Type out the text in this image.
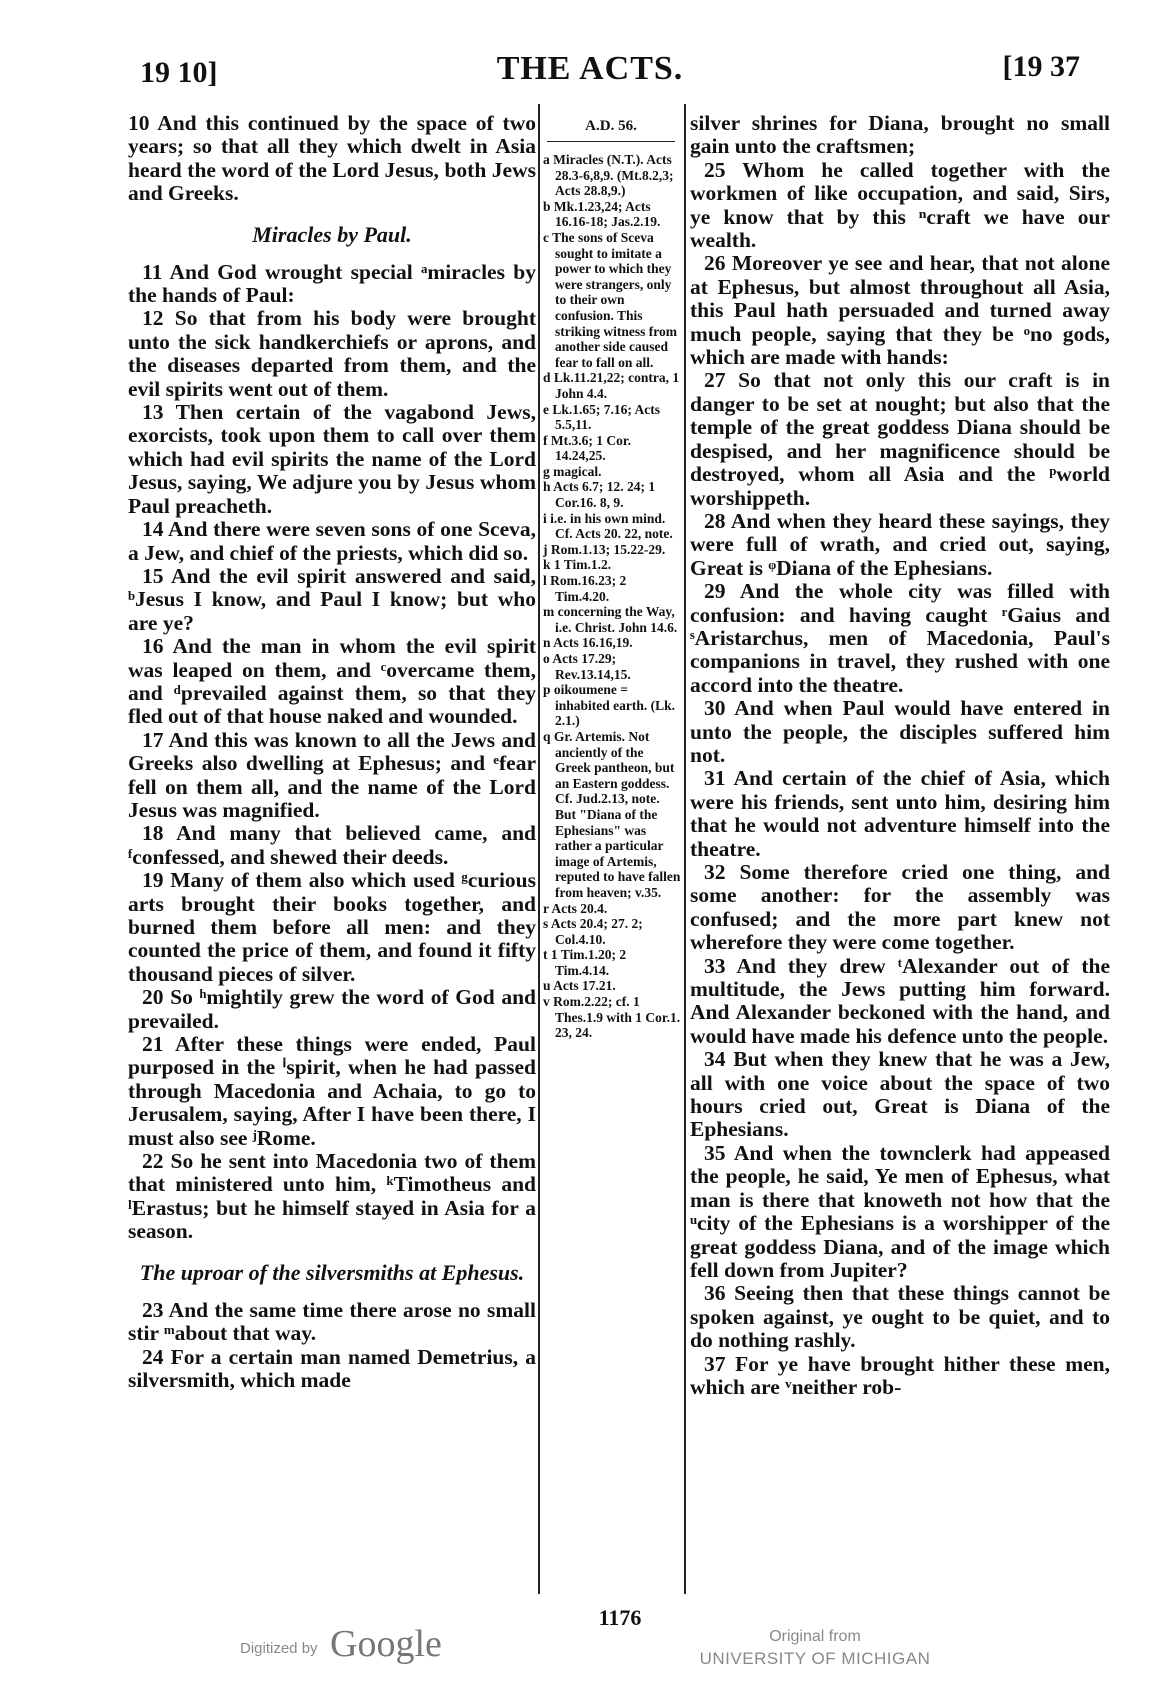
19 10]	THE ACTS.	[19 37

10 And this continued by the space of two years; so that all they which dwelt in Asia heard the word of the Lord Jesus, both Jews and Greeks.

Miracles by Paul.

11 And God wrought special ᵃmiracles by the hands of Paul:

12 So that from his body were brought unto the sick handkerchiefs or aprons, and the diseases departed from them, and the evil spirits went out of them.

13 Then certain of the vagabond Jews, exorcists, took upon them to call over them which had evil spirits the name of the Lord Jesus, saying, We adjure you by Jesus whom Paul preacheth.

14 And there were seven sons of one Sceva, a Jew, and chief of the priests, which did so.

15 And the evil spirit answered and said, ᵇJesus I know, and Paul I know; but who are ye?

16 And the man in whom the evil spirit was leaped on them, and ᶜovercame them, and ᵈprevailed against them, so that they fled out of that house naked and wounded.

17 And this was known to all the Jews and Greeks also dwelling at Ephesus; and ᵉfear fell on them all, and the name of the Lord Jesus was magnified.

18 And many that believed came, and ᶠconfessed, and shewed their deeds.

19 Many of them also which used ᵍcurious arts brought their books together, and burned them before all men: and they counted the price of them, and found it fifty thousand pieces of silver.

20 So ʰmightily grew the word of God and prevailed.

21 After these things were ended, Paul purposed in the ⁱspirit, when he had passed through Macedonia and Achaia, to go to Jerusalem, saying, After I have been there, I must also see ʲRome.

22 So he sent into Macedonia two of them that ministered unto him, ᵏTimotheus and ˡErastus; but he himself stayed in Asia for a season.

The uproar of the silversmiths at Ephesus.

23 And the same time there arose no small stir ᵐabout that way.

24 For a certain man named Demetrius, a silversmith, which made

A.D. 56.

a Miracles (N.T.). Acts 28.3-6,8,9. (Mt.8.2,3; Acts 28.8,9.)

b Mk.1.23,24; Acts 16.16-18; Jas.2.19.

c The sons of Sceva sought to imitate a power to which they were strangers, only to their own confusion. This striking witness from another side caused fear to fall on all.

d Lk.11.21,22; contra, 1 John 4.4.

e Lk.1.65; 7.16; Acts 5.5,11.

f Mt.3.6; 1 Cor. 14.24,25.

g magical.

h Acts 6.7; 12. 24; 1 Cor.16. 8, 9.

i i.e. in his own mind. Cf. Acts 20. 22, note.

j Rom.1.13; 15.22-29.

k 1 Tim.1.2.

l Rom.16.23; 2 Tim.4.20.

m concerning the Way, i.e. Christ. John 14.6.

n Acts 16.16,19.

o Acts 17.29; Rev.13.14,15.

p oikoumene = inhabited earth. (Lk. 2.1.)

q Gr. Artemis. Not anciently of the Greek pantheon, but an Eastern goddess. Cf. Jud.2.13, note. But "Diana of the Ephesians" was rather a particular image of Artemis, reputed to have fallen from heaven; v.35.

r Acts 20.4.

s Acts 20.4; 27. 2; Col.4.10.

t 1 Tim.1.20; 2 Tim.4.14.

u Acts 17.21.

v Rom.2.22; cf. 1 Thes.1.9 with 1 Cor.1. 23, 24.

silver shrines for Diana, brought no small gain unto the craftsmen;

25 Whom he called together with the workmen of like occupation, and said, Sirs, ye know that by this ⁿcraft we have our wealth.

26 Moreover ye see and hear, that not alone at Ephesus, but almost throughout all Asia, this Paul hath persuaded and turned away much people, saying that they be ᵒno gods, which are made with hands:

27 So that not only this our craft is in danger to be set at nought; but also that the temple of the great goddess Diana should be despised, and her magnificence should be destroyed, whom all Asia and the ᵖworld worshippeth.

28 And when they heard these sayings, they were full of wrath, and cried out, saying, Great is ᵠDiana of the Ephesians.

29 And the whole city was filled with confusion: and having caught ʳGaius and ˢAristarchus, men of Macedonia, Paul's companions in travel, they rushed with one accord into the theatre.

30 And when Paul would have entered in unto the people, the disciples suffered him not.

31 And certain of the chief of Asia, which were his friends, sent unto him, desiring him that he would not adventure himself into the theatre.

32 Some therefore cried one thing, and some another: for the assembly was confused; and the more part knew not wherefore they were come together.

33 And they drew ᵗAlexander out of the multitude, the Jews putting him forward. And Alexander beckoned with the hand, and would have made his defence unto the people.

34 But when they knew that he was a Jew, all with one voice about the space of two hours cried out, Great is Diana of the Ephesians.

35 And when the townclerk had appeased the people, he said, Ye men of Ephesus, what man is there that knoweth not how that the ᵘcity of the Ephesians is a worshipper of the great goddess Diana, and of the image which fell down from Jupiter?

36 Seeing then that these things cannot be spoken against, ye ought to be quiet, and to do nothing rashly.

37 For ye have brought hither these men, which are ᵛneither rob-

1176
Digitized by Google	Original from
UNIVERSITY OF MICHIGAN
